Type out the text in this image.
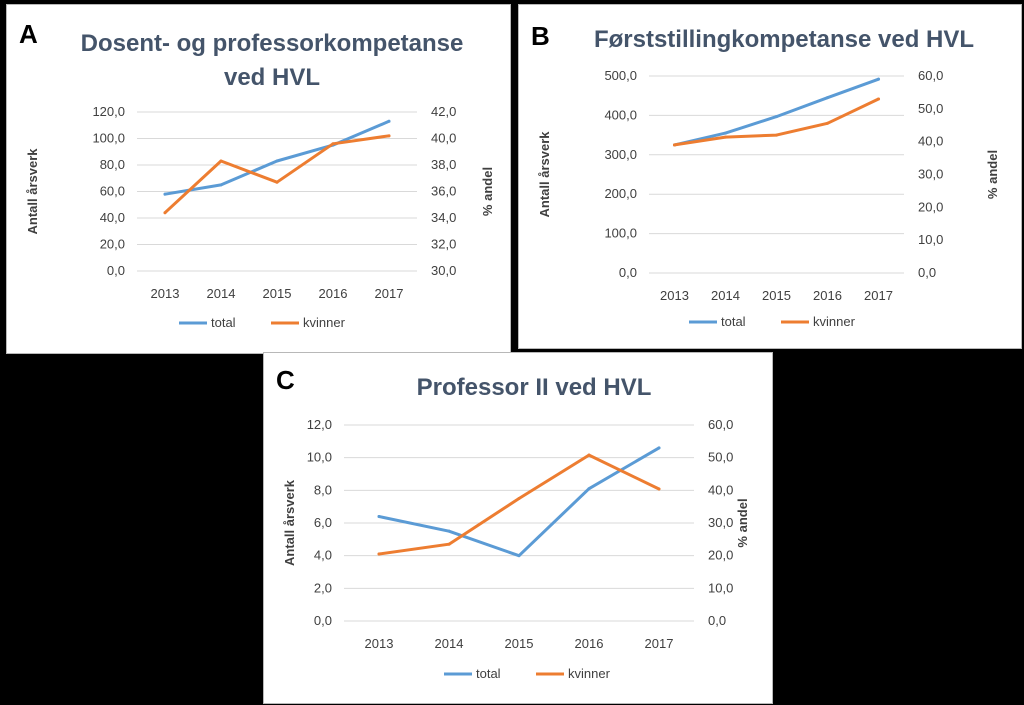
A	Dosent- og professorkompetanse
ved HVL
0,0
20,0
40,0
60,0
80,0
100,0
120,0
30,0
32,0
34,0
36,0
38,0
40,0
42,0
2013 2014 2015 2016 2017
Antall årsverk	% andel
total	kvinner
B	Førststillingkompetanse ved HVL
0,0
100,0
200,0
300,0
400,0
500,0
0,0
10,0
20,0
30,0
40,0
50,0
60,0
2013 2014 2015 2016 2017
Antall årsverk	% andel
total	kvinner
C	Professor II ved HVL
0,0
2,0
4,0
6,0
8,0
10,0
12,0
0,0
10,0
20,0
30,0
40,0
50,0
60,0
2013	2014	2015	2016	2017
Antall årsverk	% andel
total	kvinner
